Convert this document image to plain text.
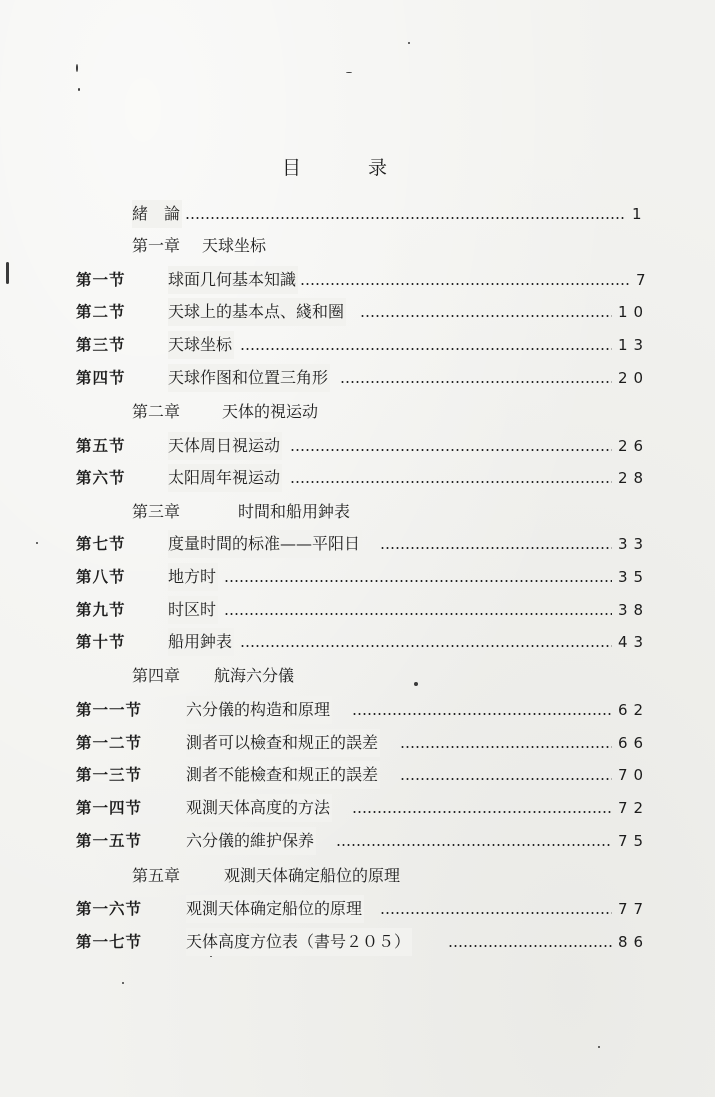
目	录
緒　論	1
第一章 天球坐标
第一节	球面几何基本知識	7
第二节	天球上的基本点、綫和圈	10
第三节	天球坐标	13
第四节	天球作图和位置三角形	20
第二章	天体的視运动
第五节	天体周日視运动	26
第六节	太阳周年視运动	28
第三章	时間和船用鈡表
第七节	度量时間的标准——平阳日	33
第八节	地方时	35
第九节	时区时	38
第十节	船用鈡表	43
第四章 航海六分儀
第一一节	六分儀的构造和原理	62
第一二节	測者可以檢查和规正的誤差	66
第一三节	測者不能檢查和规正的誤差	70
第一四节	观測天体高度的方法	72
第一五节	六分儀的維护保养	75
第五章	观測天体确定船位的原理
第一六节	观測天体确定船位的原理	77
第一七节	天体高度方位表（書号２０５）	86
